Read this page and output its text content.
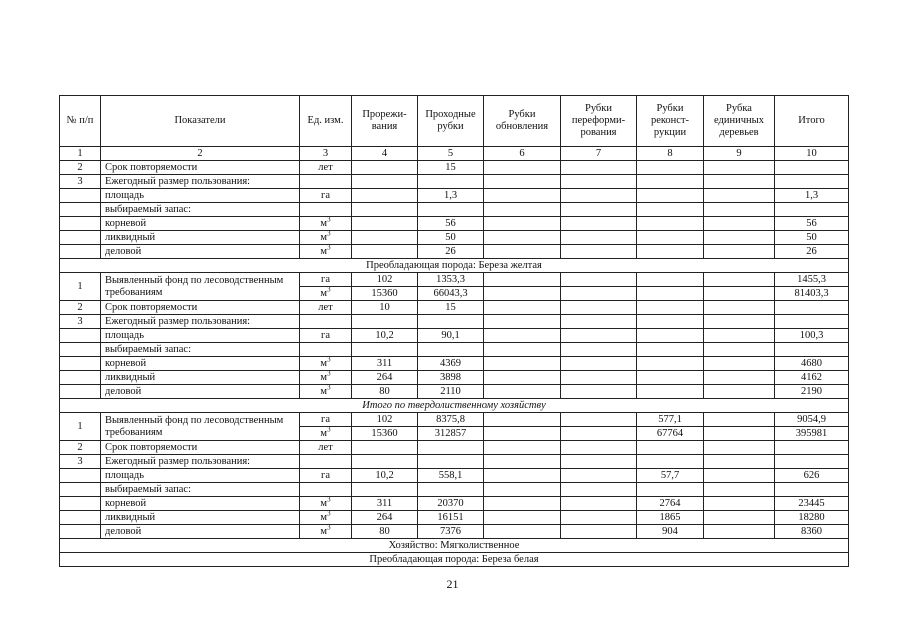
№ п/п	Показатели	Ед. изм.	Прорежи-вания	Проходные рубки	Рубки обновления	Рубки переформи-рования	Рубки реконст-рукции	Рубка единичных деревьев	Итого
1	2	3	4	5	6	7	8	9	10
2	Срок повторяемости	лет		15					
3	Ежегодный размер пользования:								
	площадь	га		1,3					1,3
	выбираемый запас:								
	корневой	$м^3$		56					56
	ликвидный	$м^3$		50					50
	деловой	$м^3$		26					26
Преобладающая порода: Береза желтая									
1	Выявленный фонд по лесоводственным требованиям	га	102	1353,3					1455,3
		$м^3$	15360	66043,3					81403,3
2	Срок повторяемости	лет	10	15					
3	Ежегодный размер пользования:								
	площадь	га	10,2	90,1					100,3
	выбираемый запас:								
	корневой	$м^3$	311	4369					4680
	ликвидный	$м^3$	264	3898					4162
	деловой	$м^3$	80	2110					2190
Итого по твердолиственному хозяйству									
1	Выявленный фонд по лесоводственным требованиям	га	102	8375,8			577,1		9054,9
		$м^3$	15360	312857			67764		395981
2	Срок повторяемости	лет							
3	Ежегодный размер пользования:								
	площадь	га	10,2	558,1			57,7		626
	выбираемый запас:								
	корневой	$м^3$	311	20370			2764		23445
	ликвидный	$м^3$	264	16151			1865		18280
	деловой	$м^3$	80	7376			904		8360
Хозяйство: Мягколиственное									
Преобладающая порода: Береза белая									
21
